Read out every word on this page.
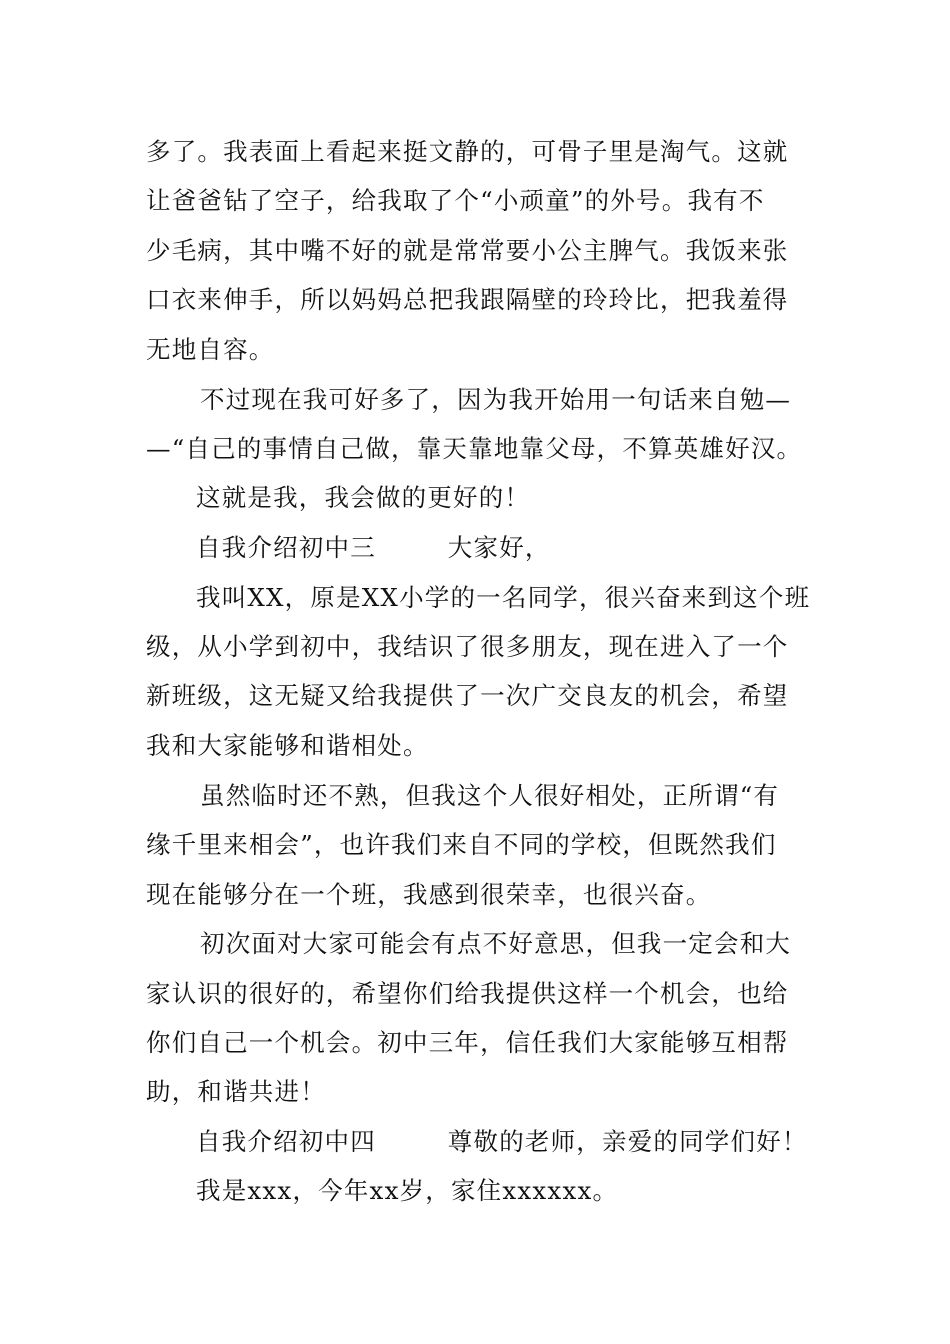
多了。我表面上看起来挺文静的，可骨子里是淘气。这就
让爸爸钻了空子，给我取了个“小顽童”的外号。我有不
少毛病，其中嘴不好的就是常常要小公主脾气。我饭来张
口衣来伸手，所以妈妈总把我跟隔壁的玲玲比，把我羞得
无地自容。
不过现在我可好多了，因为我开始用一句话来自勉—
—“自己的事情自己做，靠天靠地靠父母，不算英雄好汉。
这就是我，我会做的更好的！
自我介绍初中三        大家好，
我叫XX，原是XX小学的一名同学，很兴奋来到这个班
级，从小学到初中，我结识了很多朋友，现在进入了一个
新班级，这无疑又给我提供了一次广交良友的机会，希望
我和大家能够和谐相处。
虽然临时还不熟，但我这个人很好相处，正所谓“有
缘千里来相会”，也许我们来自不同的学校，但既然我们
现在能够分在一个班，我感到很荣幸，也很兴奋。
初次面对大家可能会有点不好意思，但我一定会和大
家认识的很好的，希望你们给我提供这样一个机会，也给
你们自己一个机会。初中三年，信任我们大家能够互相帮
助，和谐共进！
自我介绍初中四        尊敬的老师，亲爱的同学们好！
我是xxx，今年xx岁，家住xxxxxx。
